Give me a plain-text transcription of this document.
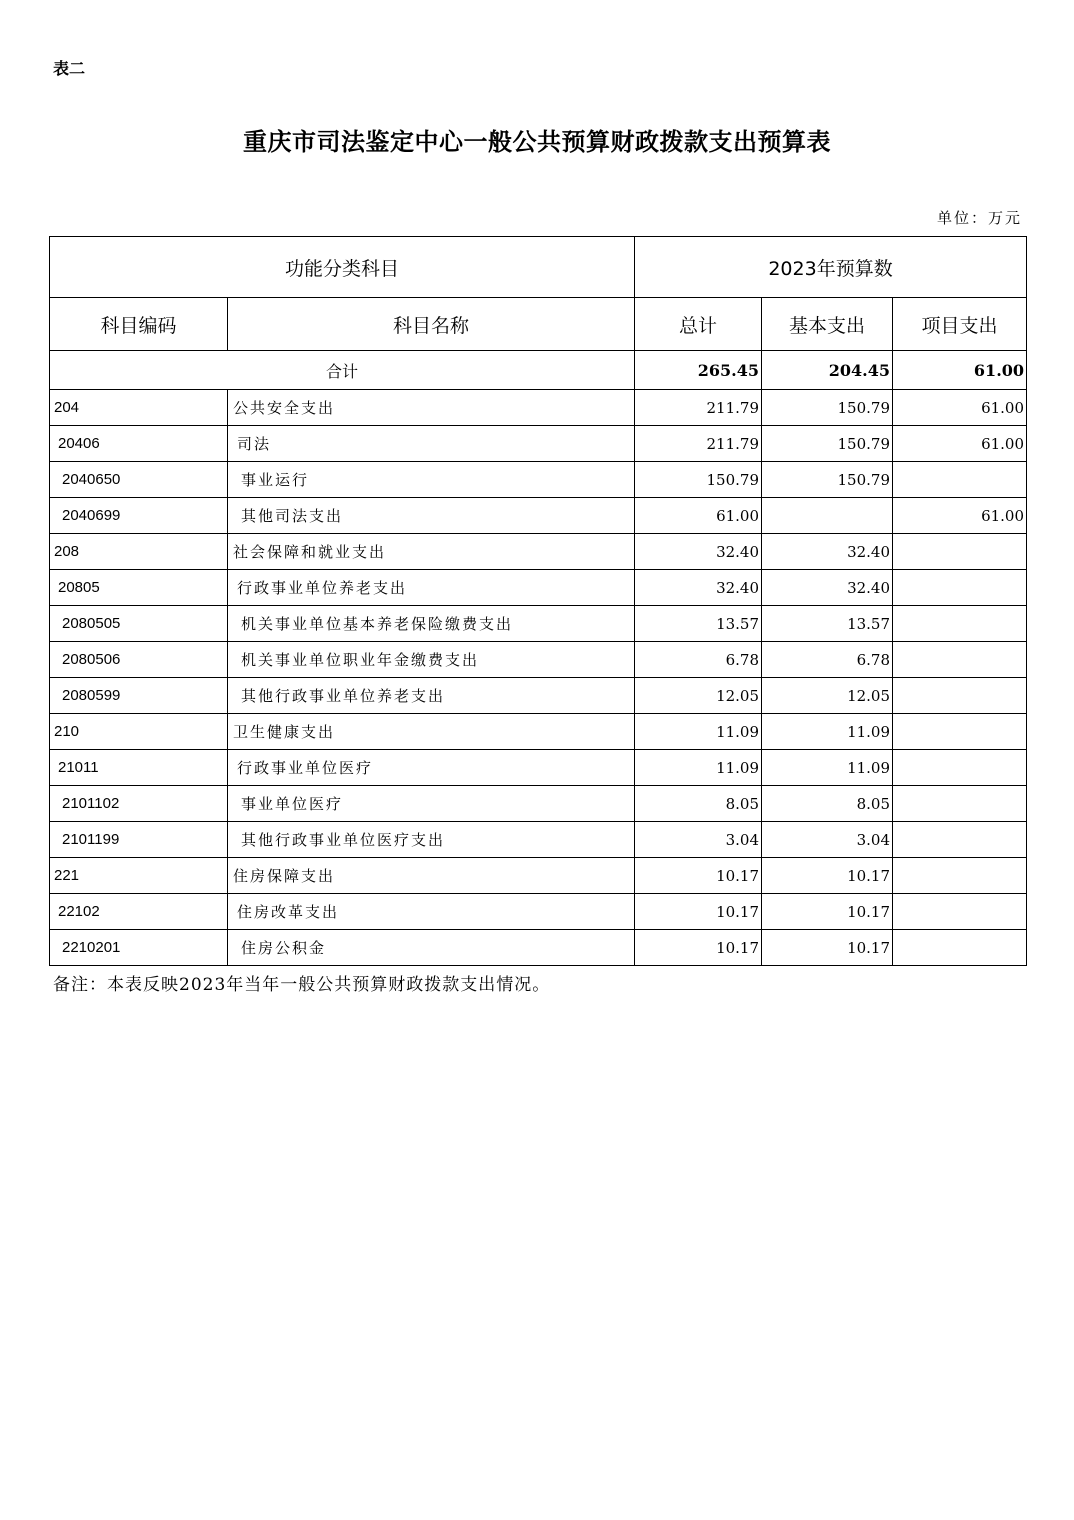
表二
重庆市司法鉴定中心一般公共预算财政拨款支出预算表
单位：万元
功能分类科目		2023年预算数		
科目编码	科目名称	总计	基本支出	项目支出
合计		265.45	204.45	61.00
204	公共安全支出	211.79	150.79	61.00
20406	司法	211.79	150.79	61.00
2040650	事业运行	150.79	150.79	
2040699	其他司法支出	61.00		61.00
208	社会保障和就业支出	32.40	32.40	
20805	行政事业单位养老支出	32.40	32.40	
2080505	机关事业单位基本养老保险缴费支出	13.57	13.57	
2080506	机关事业单位职业年金缴费支出	6.78	6.78	
2080599	其他行政事业单位养老支出	12.05	12.05	
210	卫生健康支出	11.09	11.09	
21011	行政事业单位医疗	11.09	11.09	
2101102	事业单位医疗	8.05	8.05	
2101199	其他行政事业单位医疗支出	3.04	3.04	
221	住房保障支出	10.17	10.17	
22102	住房改革支出	10.17	10.17	
2210201	住房公积金	10.17	10.17	
备注：本表反映2023年当年一般公共预算财政拨款支出情况。
